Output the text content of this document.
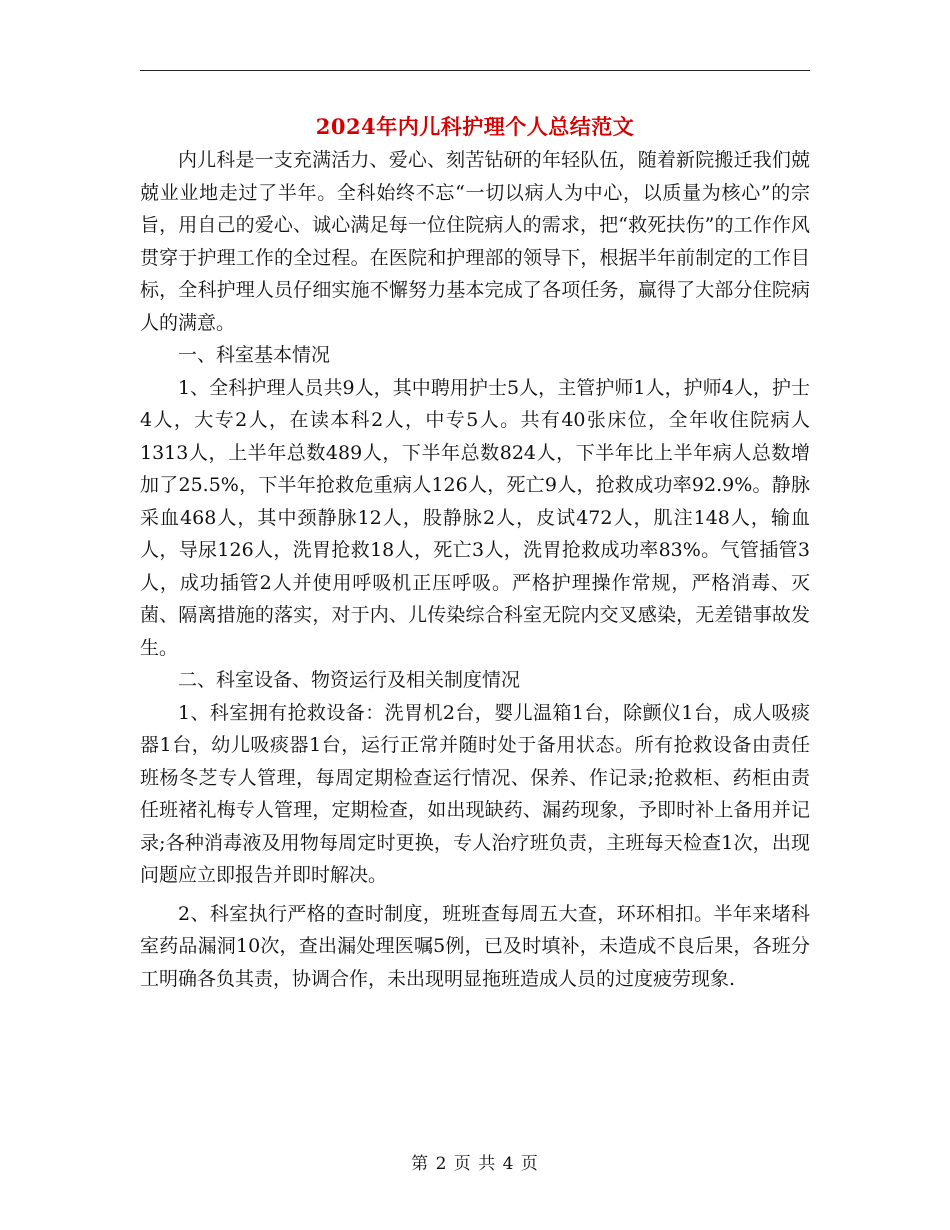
2024年内儿科护理个人总结范文

内儿科是一支充满活力、爱心、刻苦钻研的年轻队伍，随着新院搬迁我们兢兢业业地走过了半年。全科始终不忘“一切以病人为中心，以质量为核心”的宗旨，用自己的爱心、诚心满足每一位住院病人的需求，把“救死扶伤”的工作作风贯穿于护理工作的全过程。在医院和护理部的领导下，根据半年前制定的工作目标，全科护理人员仔细实施不懈努力基本完成了各项任务，赢得了大部分住院病人的满意。

一、科室基本情况

1、全科护理人员共9人，其中聘用护士5人，主管护师1人，护师4人，护士4人，大专2人，在读本科2人，中专5人。共有40张床位，全年收住院病人1313人，上半年总数489人，下半年总数824人，下半年比上半年病人总数增加了25.5%，下半年抢救危重病人126人，死亡9人，抢救成功率92.9%。静脉采血468人，其中颈静脉12人，股静脉2人，皮试472人，肌注148人，输血 人，导尿126人，洗胃抢救18人，死亡3人，洗胃抢救成功率83%。气管插管3人，成功插管2人并使用呼吸机正压呼吸。严格护理操作常规，严格消毒、灭菌、隔离措施的落实，对于内、儿传染综合科室无院内交叉感染，无差错事故发生。

二、科室设备、物资运行及相关制度情况

1、科室拥有抢救设备：洗胃机2台，婴儿温箱1台，除颤仪1台，成人吸痰器1台，幼儿吸痰器1台，运行正常并随时处于备用状态。所有抢救设备由责任班杨冬芝专人管理，每周定期检查运行情况、保养、作记录;抢救柜、药柜由责任班褚礼梅专人管理，定期检查，如出现缺药、漏药现象，予即时补上备用并记录;各种消毒液及用物每周定时更换，专人治疗班负责，主班每天检查1次，出现问题应立即报告并即时解决。

2、科室执行严格的查时制度，班班查每周五大查，环环相扣。半年来堵科室药品漏洞10次，查出漏处理医嘱5例，已及时填补，未造成不良后果，各班分工明确各负其责，协调合作，未出现明显拖班造成人员的过度疲劳现象.

第 2 页 共 4 页
